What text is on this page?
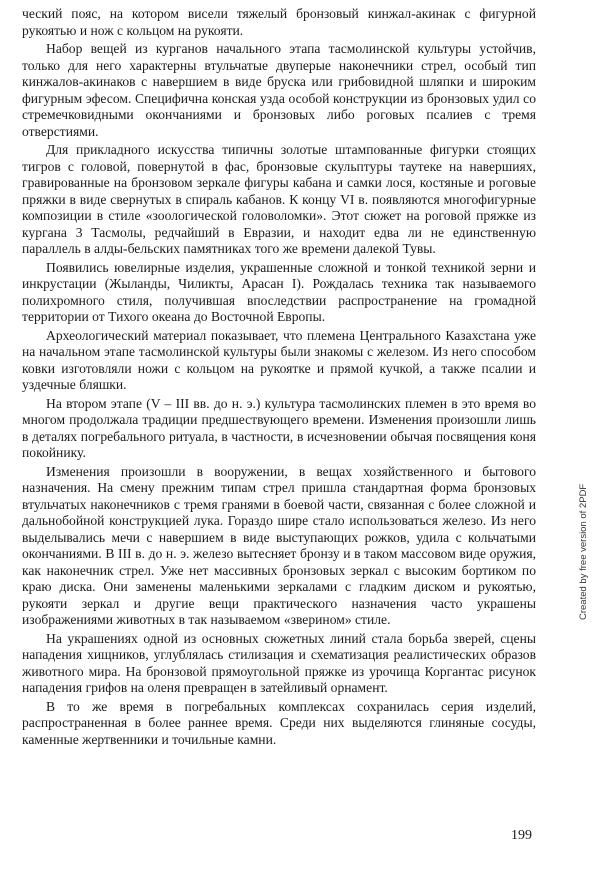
ческий пояс, на котором висели тяжелый бронзовый кинжал-акинак с фигурной рукоятью и нож с кольцом на рукояти.

Набор вещей из курганов начального этапа тасмолинской культуры устойчив, только для него характерны втульчатые двуперые наконечники стрел, особый тип кинжалов-акинаков с навершием в виде бруска или грибовидной шляпки и широким фигурным эфесом. Специфична конская узда особой конструкции из бронзовых удил со стремечковидными окончаниями и бронзовых либо роговых псалиев с тремя отверстиями.

Для прикладного искусства типичны золотые штампованные фигурки стоящих тигров с головой, повернутой в фас, бронзовые скульптуры таутеке на навершиях, гравированные на бронзовом зеркале фигуры кабана и самки лося, костяные и роговые пряжки в виде свернутых в спираль кабанов. К концу VI в. появляются многофигурные композиции в стиле «зоологической головоломки». Этот сюжет на роговой пряжке из кургана 3 Тасмолы, редчайший в Евразии, и находит едва ли не единственную параллель в алды-бельских памятниках того же времени далекой Тувы.

Появились ювелирные изделия, украшенные сложной и тонкой техникой зерни и инкрустации (Жыланды, Чиликты, Арасан I). Рождалась техника так называемого полихромного стиля, получившая впоследствии распространение на громадной территории от Тихого океана до Восточной Европы.

Археологический материал показывает, что племена Центрального Казахстана уже на начальном этапе тасмолинской культуры были знакомы с железом. Из него способом ковки изготовляли ножи с кольцом на рукоятке и прямой кучкой, а также псалии и уздечные бляшки.

На втором этапе (V – III вв. до н. э.) культура тасмолинских племен в это время во многом продолжала традиции предшествующего времени. Изменения произошли лишь в деталях погребального ритуала, в частности, в исчезновении обычая посвящения коня покойнику.

Изменения произошли в вооружении, в вещах хозяйственного и бытового назначения. На смену прежним типам стрел пришла стандартная форма бронзовых втульчатых наконечников с тремя гранями в боевой части, связанная с более сложной и дальнобойной конструкцией лука. Гораздо шире стало использоваться железо. Из него выделывались мечи с навершием в виде выступающих рожков, удила с кольчатыми окончаниями. В III в. до н. э. железо вытесняет бронзу и в таком массовом виде оружия, как наконечник стрел. Уже нет массивных бронзовых зеркал с высоким бортиком по краю диска. Они заменены маленькими зеркалами с гладким диском и рукоятью, рукояти зеркал и другие вещи практического назначения часто украшены изображениями животных в так называемом «зверином» стиле.

На украшениях одной из основных сюжетных линий стала борьба зверей, сцены нападения хищников, углублялась стилизация и схематизация реалистических образов животного мира. На бронзовой прямоугольной пряжке из урочища Коргантас рисунок нападения грифов на оленя превращен в затейливый орнамент.

В то же время в погребальных комплексах сохранилась серия изделий, распространенная в более раннее время. Среди них выделяются глиняные сосуды, каменные жертвенники и точильные камни.

Created by free version of 2PDF
199
